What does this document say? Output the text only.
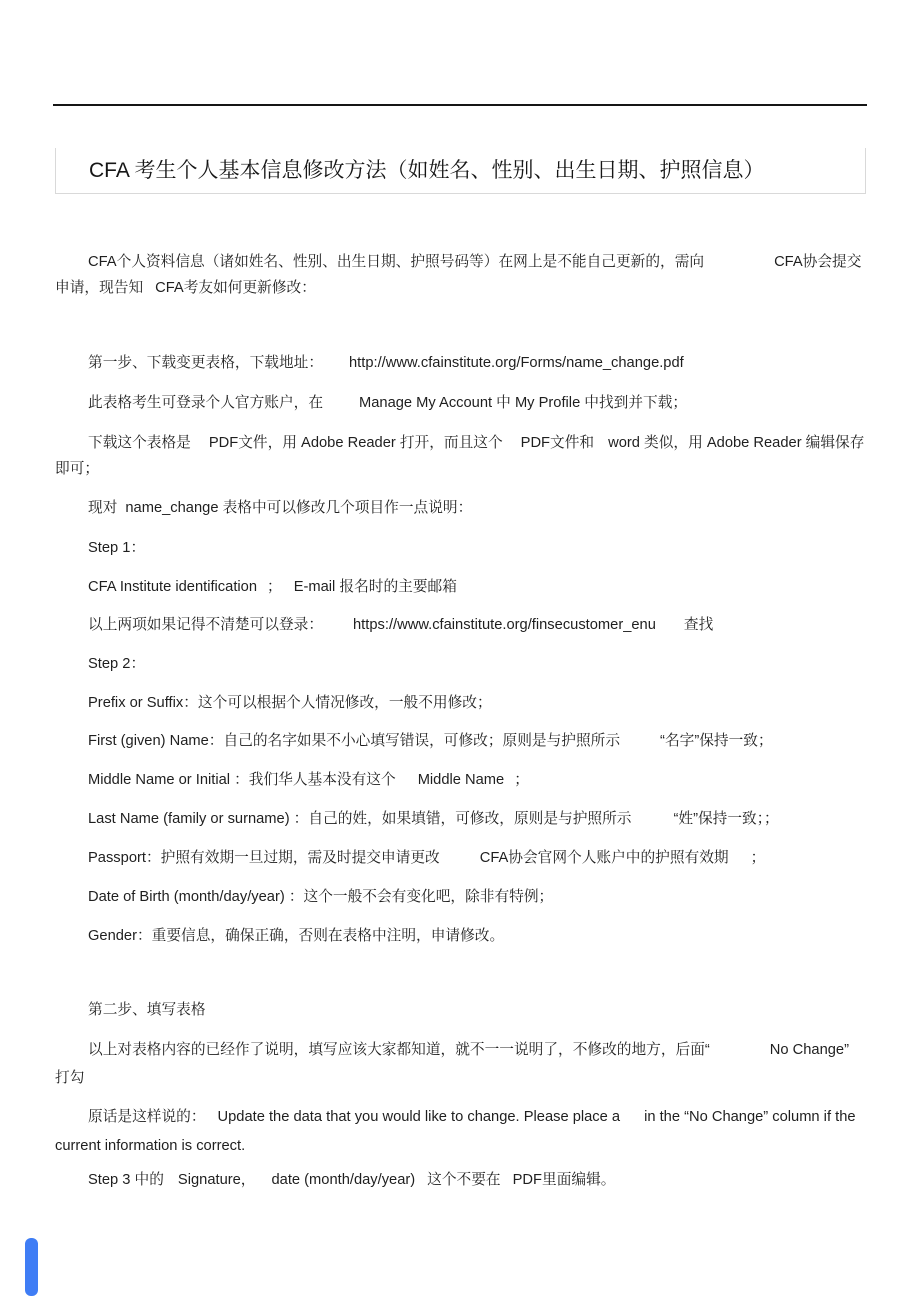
CFA 考生个人基本信息修改方法（如姓名、性别、出生日期、护照信息）
CFA个人资料信息（诸如姓名、性别、出生日期、护照号码等）在网上是不能自己更新的，需向	CFA协会提交
申请，现告知 CFA考友如何更新修改：
第一步、下载变更表格，下载地址： http://www.cfainstitute.org/Forms/name_change.pdf
此表格考生可登录个人官方账户，在 Manage My Account 中 My Profile 中找到并下载；
下载这个表格是 PDF文件，用 Adobe Reader 打开，而且这个 PDF文件和 word 类似，用 Adobe Reader 编辑保存
即可；
现对 name_change 表格中可以修改几个项目作一点说明：
Step 1：
CFA Institute identification ； E-mail 报名时的主要邮箱
以上两项如果记得不清楚可以登录： https://www.cfainstitute.org/finsecustomer_enu 查找
Step 2：
Prefix or Suffix：这个可以根据个人情况修改，一般不用修改；
First (given) Name：自己的名字如果不小心填写错误，可修改；原则是与护照所示	“名字”保持一致；
Middle Name or Initial ：我们华人基本没有这个 Middle Name ；
Last Name (family or surname) ：自己的姓，如果填错，可修改，原则是与护照所示	“姓”保持一致；；
Passport：护照有效期一旦过期，需及时提交申请更改	CFA协会官网个人账户中的护照有效期 ；
Date of Birth (month/day/year) ：这个一般不会有变化吧，除非有特例；
Gender：重要信息，确保正确，否则在表格中注明，申请修改。
第二步、填写表格
以上对表格内容的已经作了说明，填写应该大家都知道，就不一一说明了，不修改的地方，后面“	No Change”
打勾
原话是这样说的： Update the data that you would like to change. Please place a in the “No Change” column if the
current information is correct.
Step 3 中的 Signature， date (month/day/year) 这个不要在 PDF里面编辑。
